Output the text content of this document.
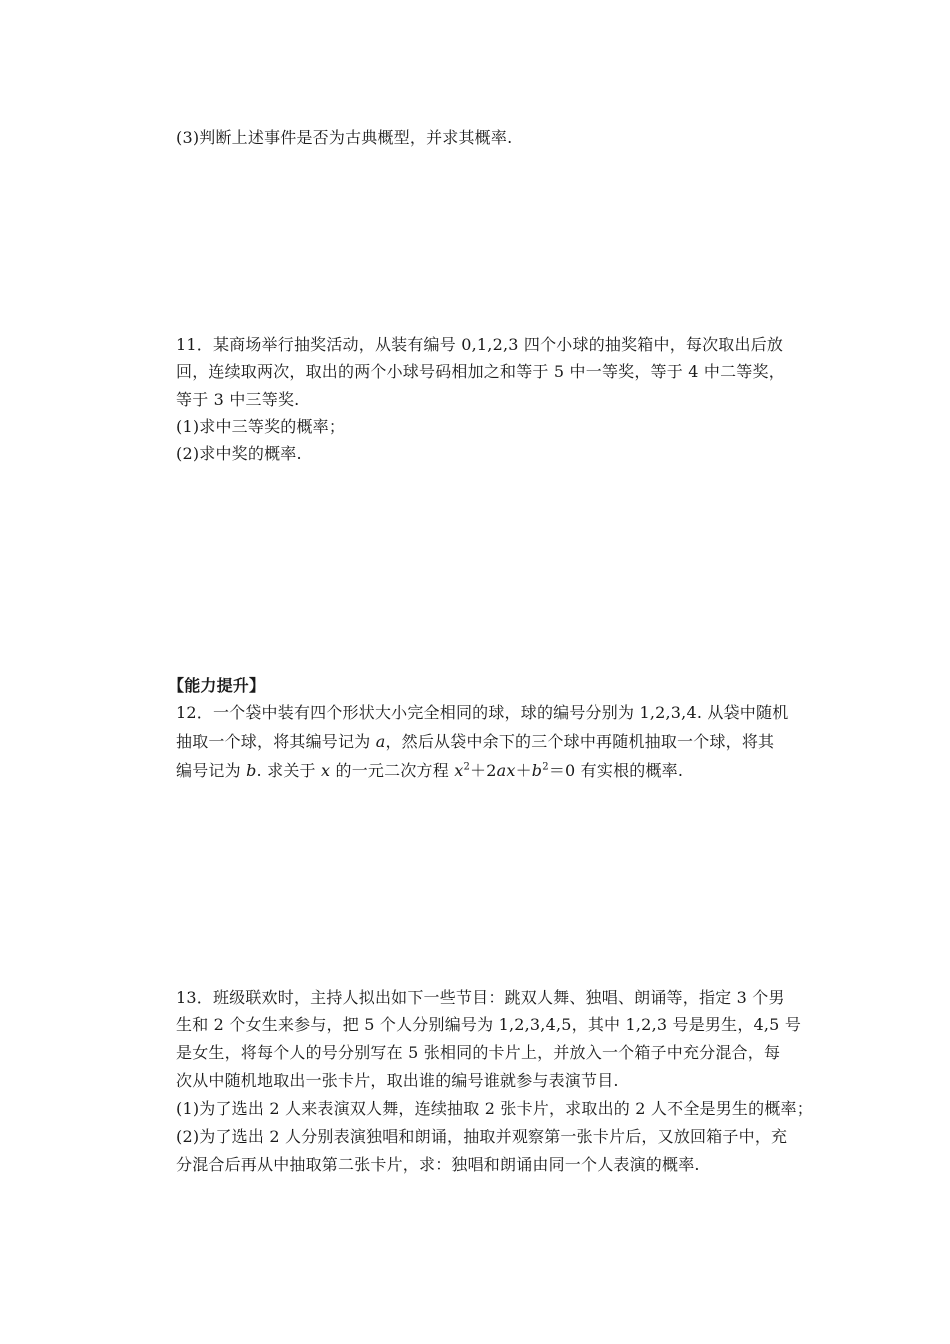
(3)判断上述事件是否为古典概型，并求其概率.
11．某商场举行抽奖活动，从装有编号 0,1,2,3 四个小球的抽奖箱中，每次取出后放
回，连续取两次，取出的两个小球号码相加之和等于 5 中一等奖，等于 4 中二等奖，
等于 3 中三等奖.
(1)求中三等奖的概率；
(2)求中奖的概率.
【能力提升】
12．一个袋中装有四个形状大小完全相同的球，球的编号分别为 1,2,3,4. 从袋中随机
抽取一个球，将其编号记为 a，然后从袋中余下的三个球中再随机抽取一个球，将其
编号记为 b. 求关于 x 的一元二次方程 $x^2+2ax+b^2=0$ 有实根的概率.
13．班级联欢时，主持人拟出如下一些节目：跳双人舞、独唱、朗诵等，指定 3 个男
生和 2 个女生来参与，把 5 个人分别编号为 1,2,3,4,5，其中 1,2,3 号是男生，4,5 号
是女生，将每个人的号分别写在 5 张相同的卡片上，并放入一个箱子中充分混合，每
次从中随机地取出一张卡片，取出谁的编号谁就参与表演节目.
(1)为了选出 2 人来表演双人舞，连续抽取 2 张卡片，求取出的 2 人不全是男生的概率；
(2)为了选出 2 人分别表演独唱和朗诵，抽取并观察第一张卡片后，又放回箱子中，充
分混合后再从中抽取第二张卡片，求：独唱和朗诵由同一个人表演的概率.
